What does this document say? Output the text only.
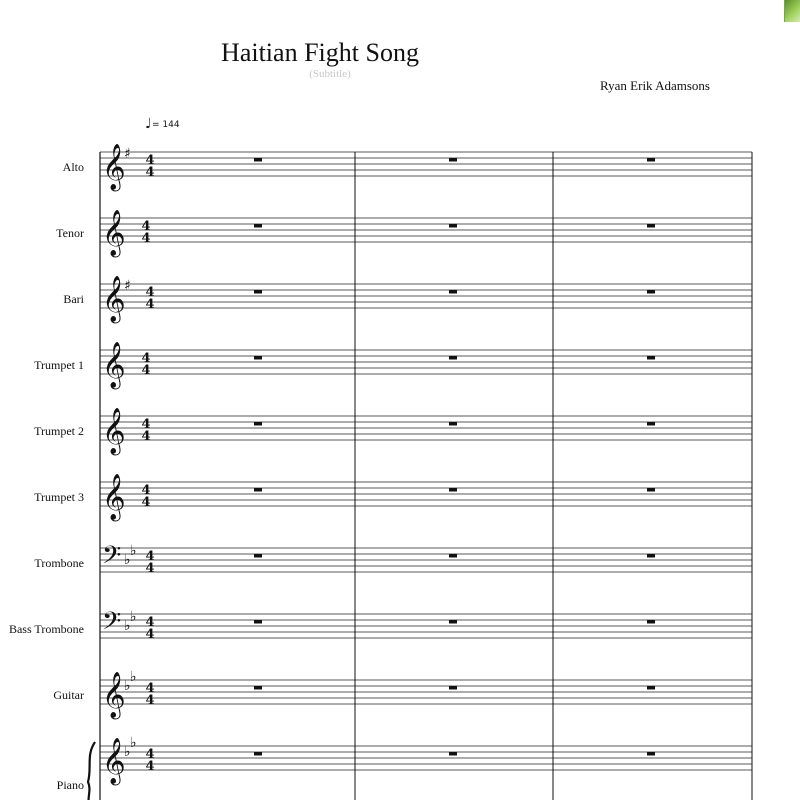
Haitian Fight Song
(Subtitle)
Ryan Erik Adamsons
♩ = 144
Alto
Tenor
Bari
Trumpet 1
Trumpet 2
Trumpet 3
Trombone
Bass Trombone
Guitar
Piano
𝄞
♯ 4
4
𝄞 4
4
𝄞
♯ 4
4
𝄞 4
4
𝄞 4
4
𝄞 4
4
𝄢 ♭
♭ 4
4
𝄢 ♭
♭ 4
4
𝄞
♭
♭
4
4
𝄞
♭
♭
4
4
